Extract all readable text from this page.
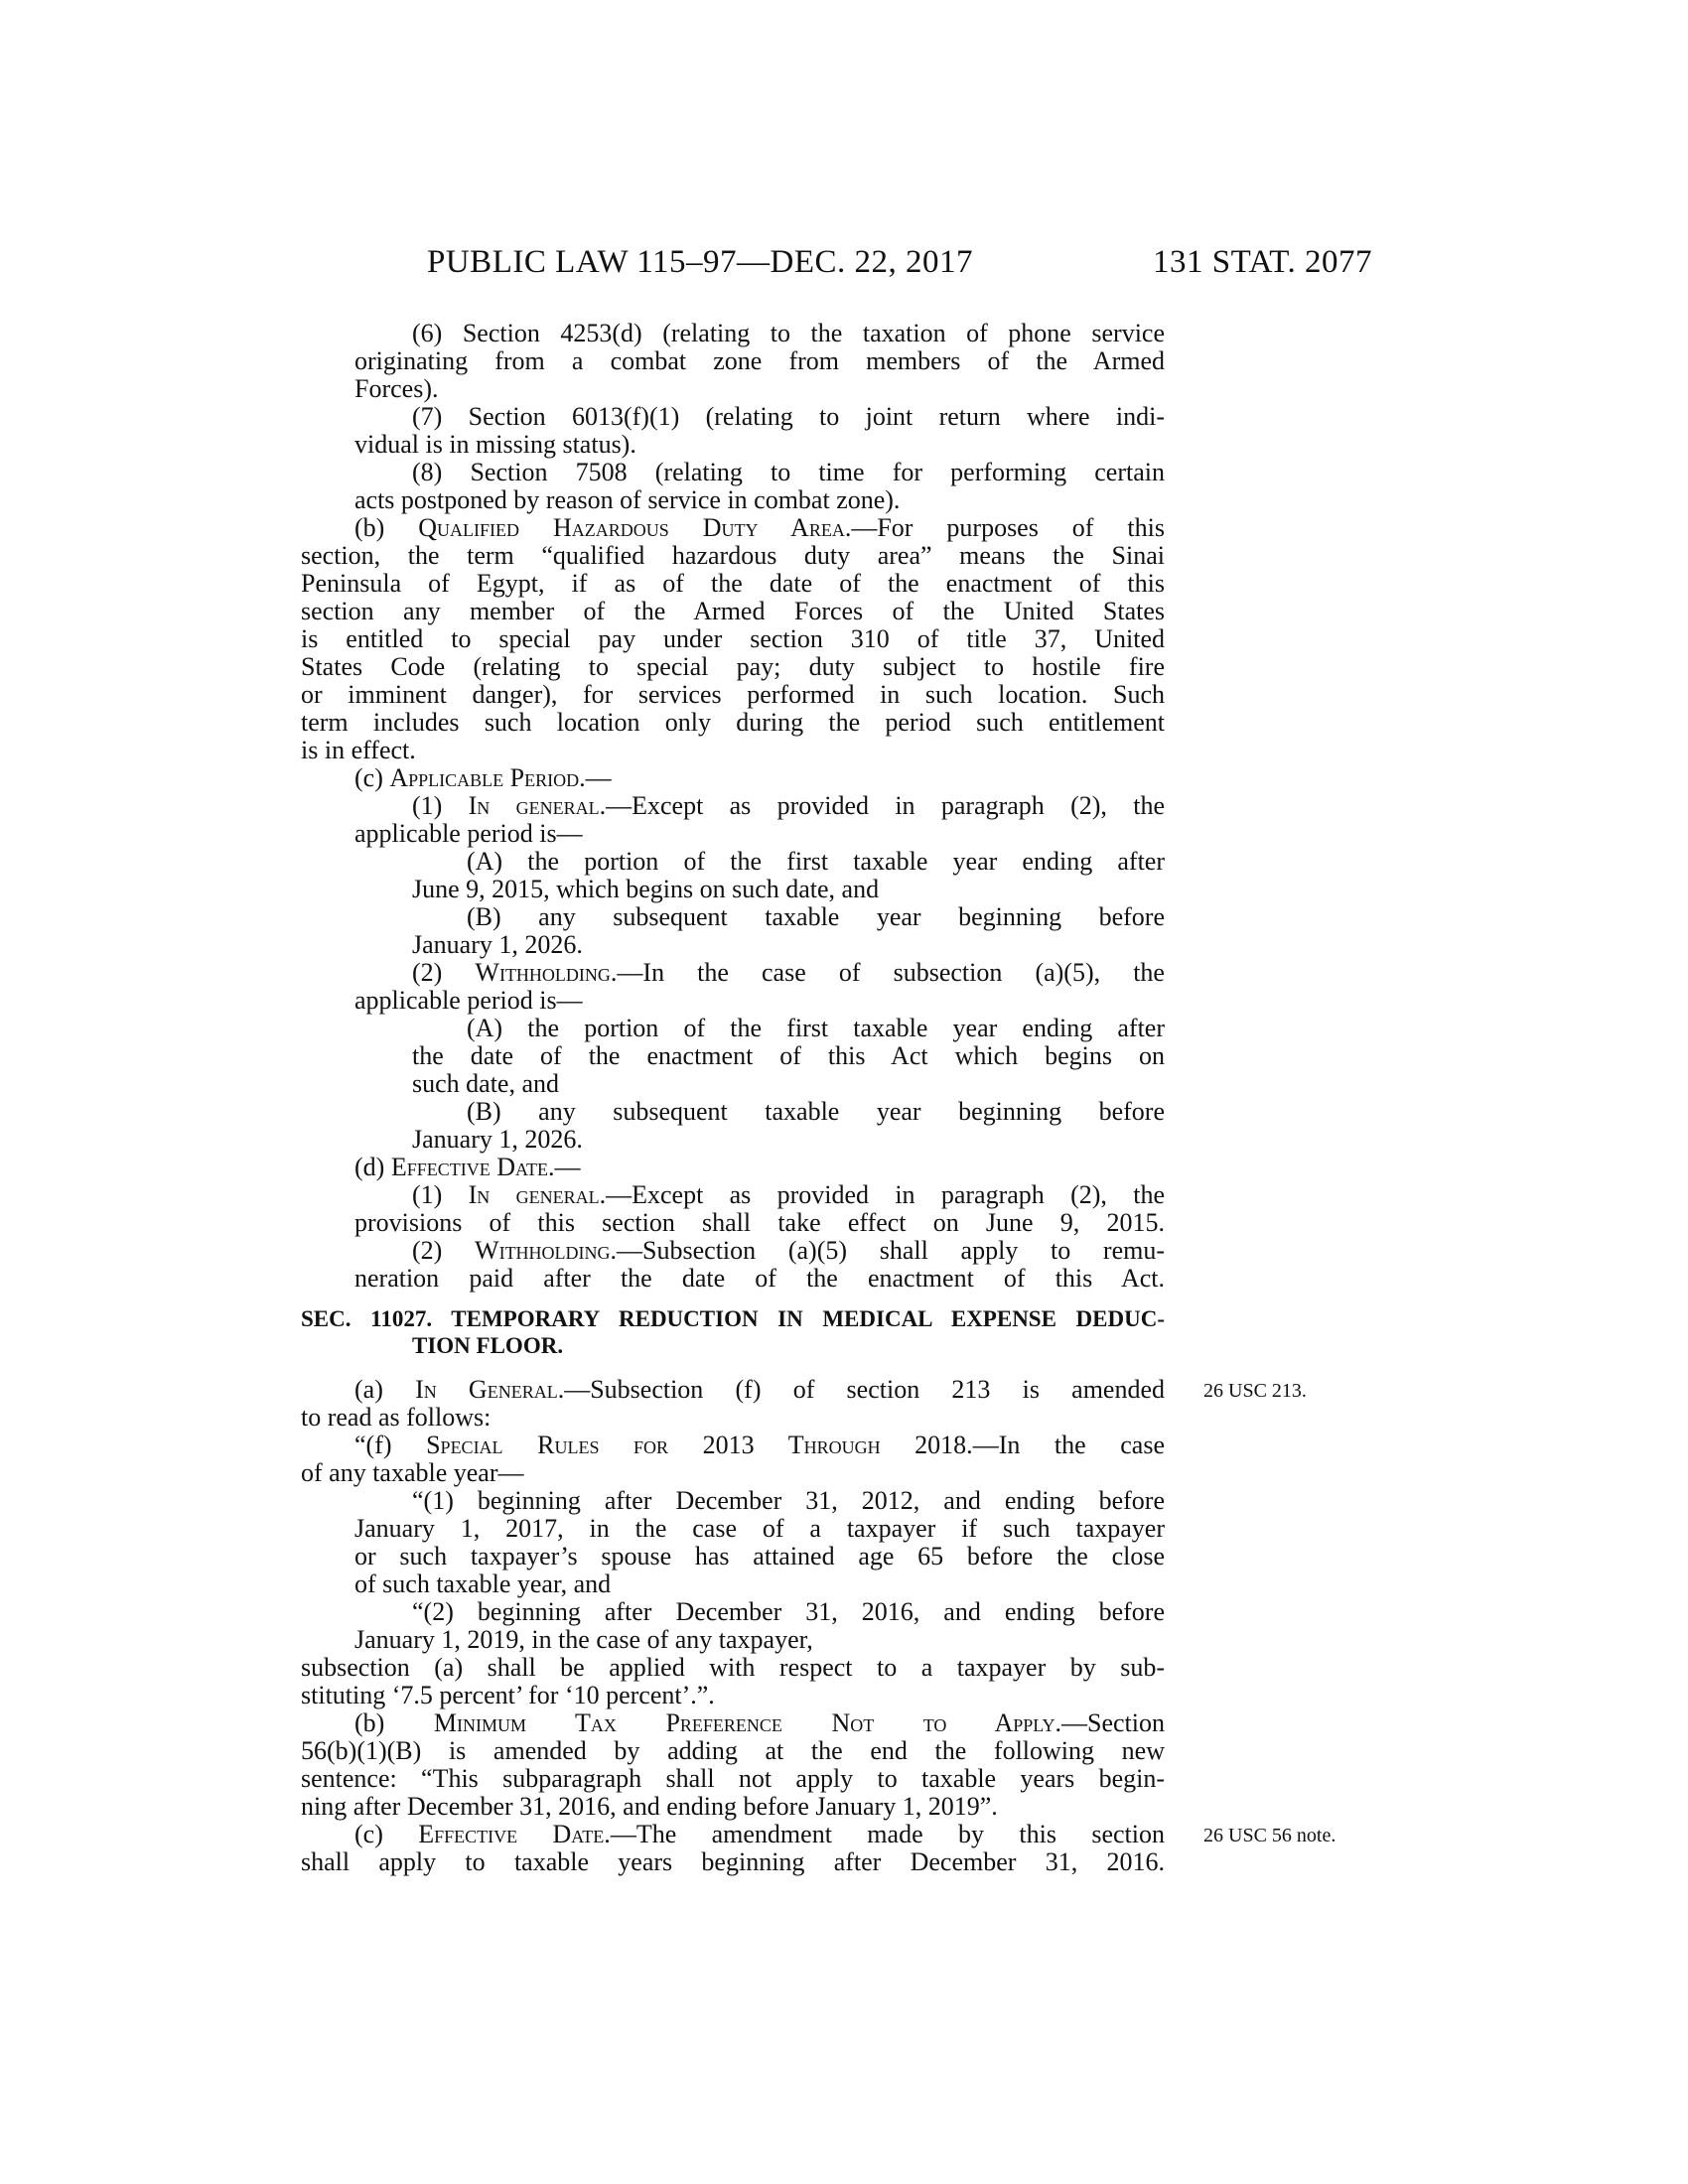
PUBLIC LAW 115–97—DEC. 22, 2017	131 STAT. 2077
(6) Section 4253(d) (relating to the taxation of phone service
originating from a combat zone from members of the Armed
Forces).
(7) Section 6013(f)(1) (relating to joint return where indi-
vidual is in missing status).
(8) Section 7508 (relating to time for performing certain
acts postponed by reason of service in combat zone).
(b) Qualified Hazardous Duty Area.—For purposes of this
section, the term “qualified hazardous duty area” means the Sinai
Peninsula of Egypt, if as of the date of the enactment of this
section any member of the Armed Forces of the United States
is entitled to special pay under section 310 of title 37, United
States Code (relating to special pay; duty subject to hostile fire
or imminent danger), for services performed in such location. Such
term includes such location only during the period such entitlement
is in effect.
(c) Applicable Period.—
(1) In general.—Except as provided in paragraph (2), the
applicable period is—
(A) the portion of the first taxable year ending after
June 9, 2015, which begins on such date, and
(B) any subsequent taxable year beginning before
January 1, 2026.
(2) Withholding.—In the case of subsection (a)(5), the
applicable period is—
(A) the portion of the first taxable year ending after
the date of the enactment of this Act which begins on
such date, and
(B) any subsequent taxable year beginning before
January 1, 2026.
(d) Effective Date.—
(1) In general.—Except as provided in paragraph (2), the
provisions of this section shall take effect on June 9, 2015.
(2) Withholding.—Subsection (a)(5) shall apply to remu-
neration paid after the date of the enactment of this Act.
SEC. 11027. TEMPORARY REDUCTION IN MEDICAL EXPENSE DEDUC-
TION FLOOR.
(a) In General.—Subsection (f) of section 213 is amended 26 USC 213.
to read as follows:
“(f) Special Rules for 2013 Through 2018.—In the case
of any taxable year—
“(1) beginning after December 31, 2012, and ending before
January 1, 2017, in the case of a taxpayer if such taxpayer
or such taxpayer’s spouse has attained age 65 before the close
of such taxable year, and
“(2) beginning after December 31, 2016, and ending before
January 1, 2019, in the case of any taxpayer,
subsection (a) shall be applied with respect to a taxpayer by sub-
stituting ‘7.5 percent’ for ‘10 percent’.”.
(b) Minimum Tax Preference Not to Apply.—Section
56(b)(1)(B) is amended by adding at the end the following new
sentence: “This subparagraph shall not apply to taxable years begin-
ning after December 31, 2016, and ending before January 1, 2019”.
(c) Effective Date.—The amendment made by this section 26 USC 56 note.
shall apply to taxable years beginning after December 31, 2016.
